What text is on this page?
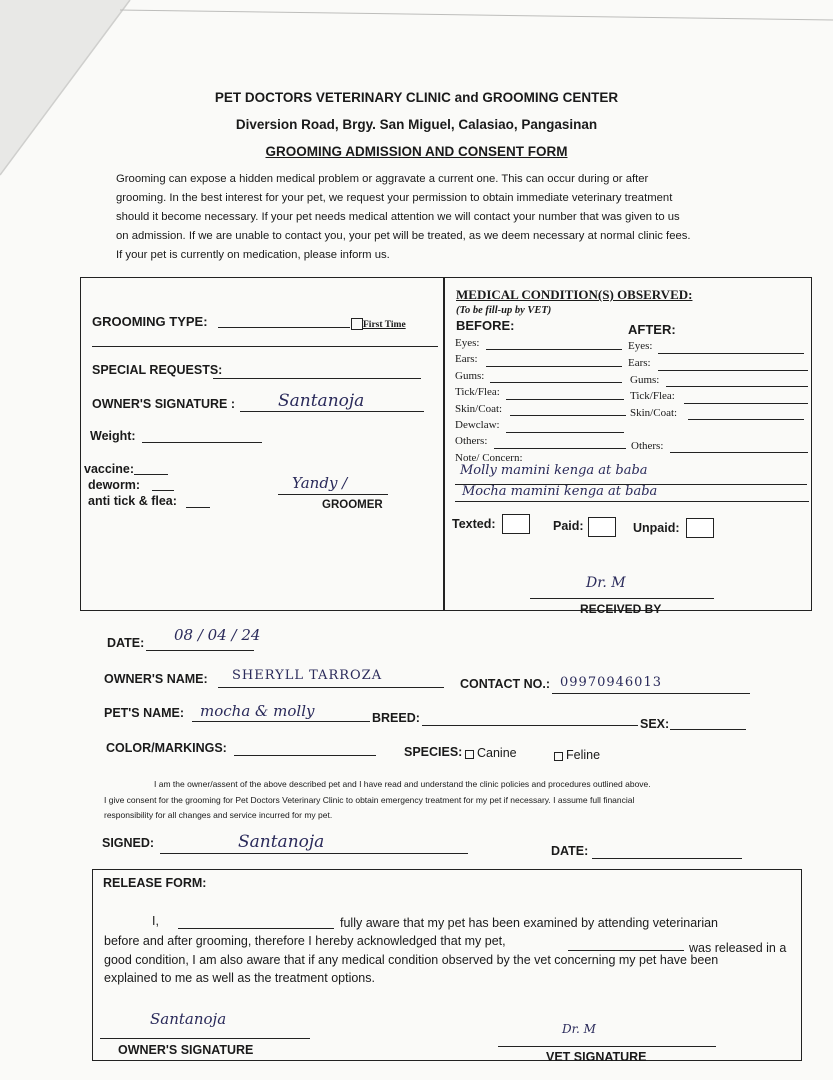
PET DOCTORS VETERINARY CLINIC and GROOMING CENTER
Diversion Road, Brgy. San Miguel, Calasiao, Pangasinan
GROOMING ADMISSION AND CONSENT FORM
Grooming can expose a hidden medical problem or aggravate a current one. This can occur during or after
grooming. In the best interest for your pet, we request your permission to obtain immediate veterinary treatment
should it become necessary. If your pet needs medical attention we will contact your number that was given to us
on admission. If we are unable to contact you, your pet will be treated, as we deem necessary at normal clinic fees.
If your pet is currently on medication, please inform us.
GROOMING TYPE:	First Time
SPECIAL REQUESTS:
OWNER'S SIGNATURE :	Santanoja
Weight:
vaccine:
deworm:
anti tick & flea:
Yandy /
GROOMER
MEDICAL CONDITION(S) OBSERVED:
(To be fill-up by VET)
BEFORE:	AFTER:
Eyes:
Ears:
Gums:
Tick/Flea:
Skin/Coat:
Dewclaw:
Others:
Eyes:
Ears:
Gums:
Tick/Flea:
Skin/Coat:
Others:
Note/ Concern:
Molly mamini kenga at baba
Mocha mamini kenga at baba
Texted:	Paid:	Unpaid:
Dr. M
RECEIVED BY
DATE: 08 / 04 / 24
OWNER'S NAME: SHERYLL TARROZA
CONTACT NO.: 09970946013
PET'S NAME: mocha & molly	BREED:	SEX:
COLOR/MARKINGS:	SPECIES: Canine	Feline
I am the owner/assent of the above described pet and I have read and understand the clinic policies and procedures outlined above.
I give consent for the grooming for Pet Doctors Veterinary Clinic to obtain emergency treatment for my pet if necessary. I assume full financial
responsibility for all changes and service incurred for my pet.
SIGNED:	Santanoja	DATE:
RELEASE FORM:
I,	fully aware that my pet has been examined by attending veterinarian
before and after grooming, therefore I hereby acknowledged that my pet,	was released in a
good condition, I am also aware that if any medical condition observed by the vet concerning my pet have been
explained to me as well as the treatment options.
Santanoja
OWNER'S SIGNATURE
Dr. M
VET SIGNATURE
